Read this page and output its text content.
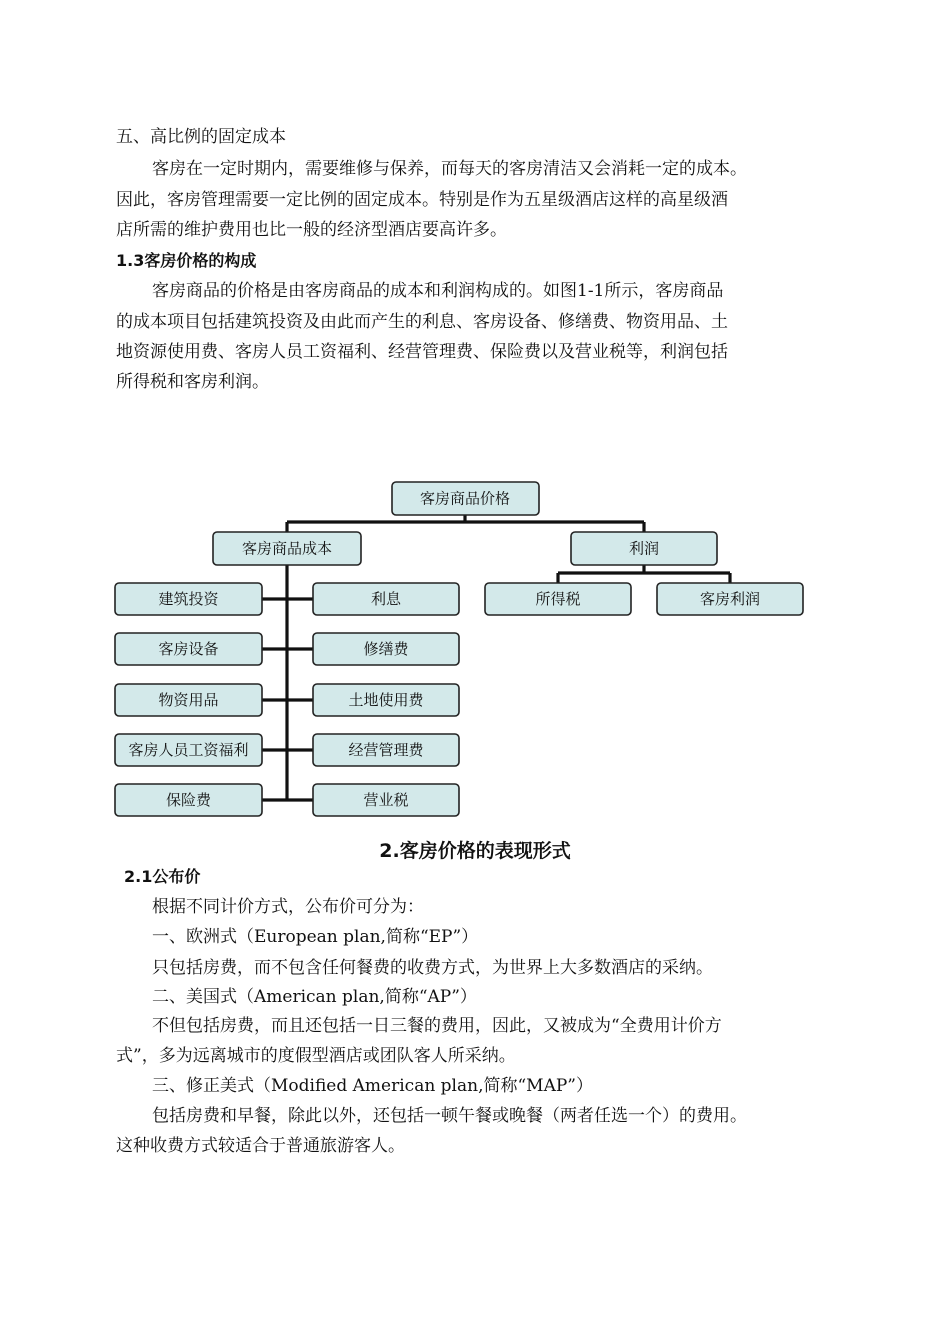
五、高比例的固定成本
客房在一定时期内，需要维修与保养，而每天的客房清洁又会消耗一定的成本。
因此，客房管理需要一定比例的固定成本。特别是作为五星级酒店这样的高星级酒
店所需的维护费用也比一般的经济型酒店要高许多。
1.3客房价格的构成
客房商品的价格是由客房商品的成本和利润构成的。如图1-1所示，客房商品
的成本项目包括建筑投资及由此而产生的利息、客房设备、修缮费、物资用品、土
地资源使用费、客房人员工资福利、经营管理费、保险费以及营业税等，利润包括
所得税和客房利润。
客房商品价格
客房商品成本	利润
建筑投资
客房设备
物资用品
客房人员工资福利
保险费
利息
修缮费
土地使用费
经营管理费
营业税
所得税	客房利润
2.客房价格的表现形式
2.1公布价
根据不同计价方式，公布价可分为：
一、欧洲式（European plan,简称“EP”）
只包括房费，而不包含任何餐费的收费方式，为世界上大多数酒店的采纳。
二、美国式（American plan,简称“AP”）
不但包括房费，而且还包括一日三餐的费用，因此，又被成为“全费用计价方
式”，多为远离城市的度假型酒店或团队客人所采纳。
三、修正美式（Modified American plan,简称“MAP”）
包括房费和早餐，除此以外，还包括一顿午餐或晚餐（两者任选一个）的费用。
这种收费方式较适合于普通旅游客人。
